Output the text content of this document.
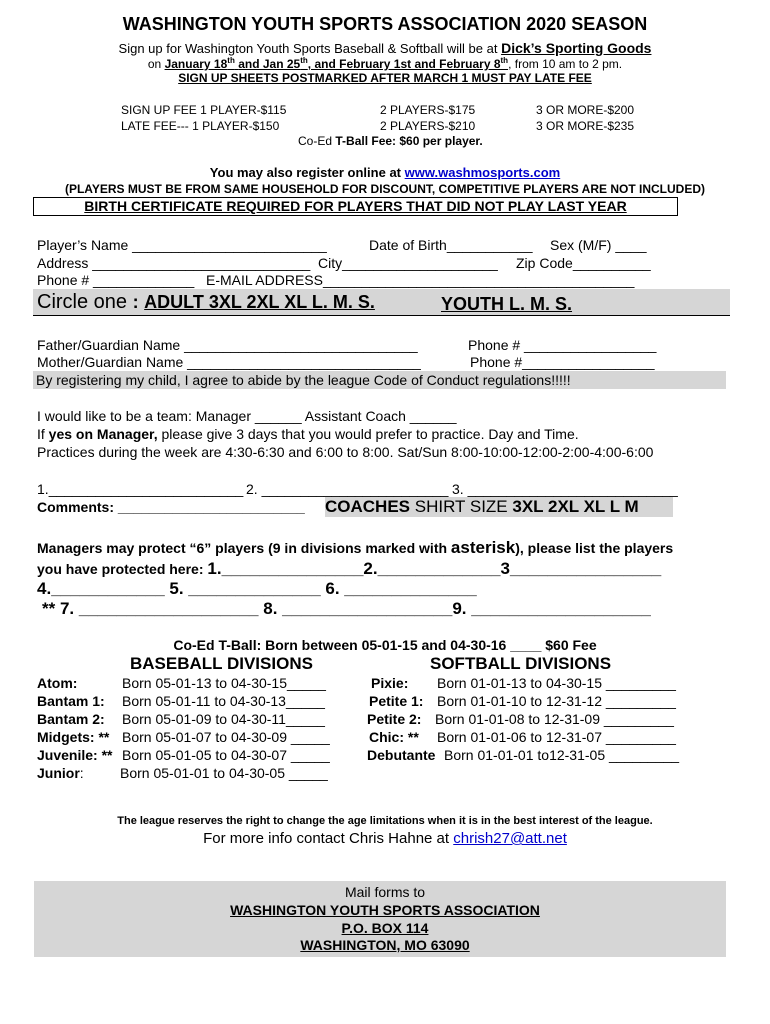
WASHINGTON YOUTH SPORTS ASSOCIATION 2020 SEASON
Sign up for Washington Youth Sports Baseball & Softball will be at Dick’s Sporting Goods
on January 18th and Jan 25th, and February 1st and February 8th, from 10 am to 2 pm.
SIGN UP SHEETS POSTMARKED AFTER MARCH 1 MUST PAY LATE FEE
SIGN UP FEE 1 PLAYER-$115	2 PLAYERS-$175	3 OR MORE-$200
LATE FEE--- 1 PLAYER-$150	2 PLAYERS-$210	3 OR MORE-$235
Co-Ed T-Ball Fee: $60 per player.
You may also register online at www.washmosports.com
(PLAYERS MUST BE FROM SAME HOUSEHOLD FOR DISCOUNT, COMPETITIVE PLAYERS ARE NOT INCLUDED)
BIRTH CERTIFICATE REQUIRED FOR PLAYERS THAT DID NOT PLAY LAST YEAR
Player’s Name _________________________	Date of Birth___________ Sex (M/F) ____
Address ____________________________ City____________________ Zip Code__________
Phone # _____________ E-MAIL ADDRESS________________________________________
Circle one : ADULT 3XL 2XL XL L. M. S.	YOUTH L. M. S.
Father/Guardian Name ______________________________	Phone # _________________
Mother/Guardian Name ______________________________	Phone #_________________
By registering my child, I agree to abide by the league Code of Conduct regulations!!!!!
I would like to be a team: Manager ______ Assistant Coach ______
If yes on Manager, please give 3 days that you would prefer to practice. Day and Time.
Practices during the week are 4:30-6:30 and 6:00 to 8:00. Sat/Sun 8:00-10:00-12:00-2:00-4:00-6:00
1._________________________ 2. ________________________ 3. ___________________________
Comments: ________________________ COACHES SHIRT SIZE 3XL 2XL XL L M
Managers may protect “6” players (9 in divisions marked with asterisk), please list the players
you have protected here: 1._______________2._____________3________________
4.____________ 5. ______________ 6. ______________
** 7. ___________________ 8. __________________9. ___________________
Co-Ed T-Ball: Born between 05-01-15 and 04-30-16 ____ $60 Fee
BASEBALL DIVISIONS	SOFTBALL DIVISIONS
Atom:	Born 05-01-13 to 04-30-15_____
Bantam 1: Born 05-01-11 to 04-30-13_____
Bantam 2: Born 05-01-09 to 04-30-11_____
Midgets: ** Born 05-01-07 to 04-30-09 _____
Juvenile: ** Born 05-01-05 to 04-30-07 _____
Junior:	Born 05-01-01 to 04-30-05 _____
Pixie: Born 01-01-13 to 04-30-15 _________
Petite 1: Born 01-01-10 to 12-31-12 _________
Petite 2: Born 01-01-08 to 12-31-09 _________
Chic: ** Born 01-01-06 to 12-31-07 _________
Debutante Born 01-01-01 to12-31-05 _________
The league reserves the right to change the age limitations when it is in the best interest of the league.
For more info contact Chris Hahne at chrish27@att.net
Mail forms to
WASHINGTON YOUTH SPORTS ASSOCIATION
P.O. BOX 114
WASHINGTON, MO 63090
